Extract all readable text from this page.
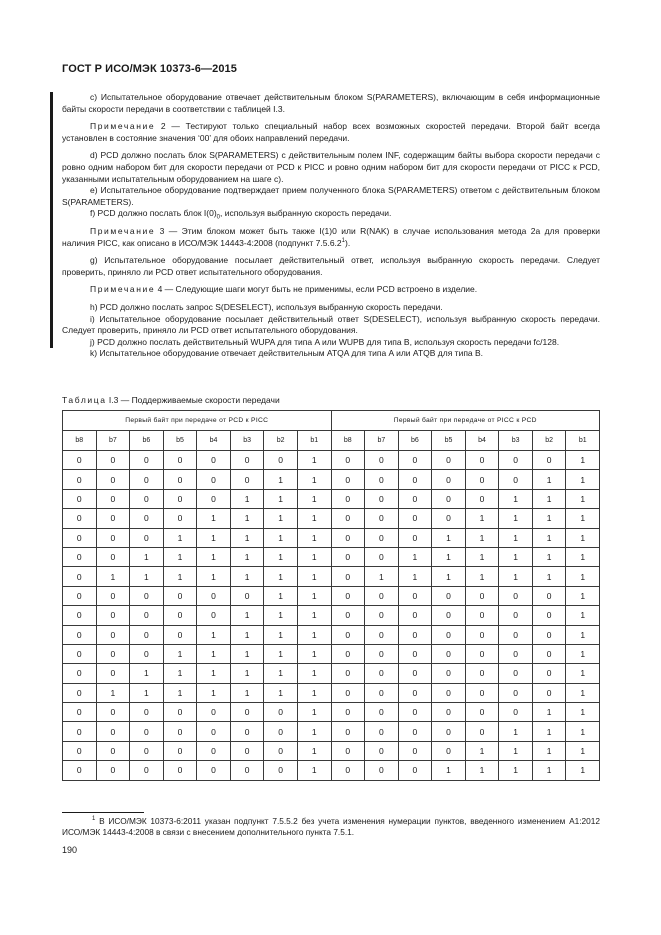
ГОСТ Р ИСО/МЭК 10373-6—2015

c) Испытательное оборудование отвечает действительным блоком S(PARAMETERS), включающим в себя информационные байты скорости передачи в соответствии с таблицей I.3.

Примечание 2 — Тестируют только специальный набор всех возможных скоростей передачи. Второй байт всегда установлен в состояние значения ‘00’ для обоих направлений передачи.

d) PCD должно послать блок S(PARAMETERS) с действительным полем INF, содержащим байты выбора скорости передачи с ровно одним набором бит для скорости передачи от PCD к PICC и ровно одним набором бит для скорости передачи от PICC к PCD, указанными испытательным оборудованием на шаге c).

e) Испытательное оборудование подтверждает прием полученного блока S(PARAMETERS) ответом с действительным блоком S(PARAMETERS).

f) PCD должно послать блок $I(0)_0$, используя выбранную скорость передачи.

Примечание 3 — Этим блоком может быть также I(1)0 или R(NAK) в случае использования метода 2a для проверки наличия PICC, как описано в ИСО/МЭК 14443-4:2008 (подпункт 7.5.6.2$^1$).

g) Испытательное оборудование посылает действительный ответ, используя выбранную скорость передачи. Следует проверить, приняло ли PCD ответ испытательного оборудования.

Примечание 4 — Следующие шаги могут быть не применимы, если PCD встроено в изделие.

h) PCD должно послать запрос S(DESELECT), используя выбранную скорость передачи.

i) Испытательное оборудование посылает действительный ответ S(DESELECT), используя выбранную скорость передачи. Следует проверить, приняло ли PCD ответ испытательного оборудования.

j) PCD должно послать действительный WUPA для типа A или WUPB для типа B, используя скорость передачи fc/128.

k) Испытательное оборудование отвечает действительным ATQA для типа A или ATQB для типа B.

Таблица I.3 — Поддерживаемые скорости передачи
Первый байт при передаче от PCD к PICC								Первый байт при передаче от PICC к PCD							
b8	b7	b6	b5	b4	b3	b2	b1	b8	b7	b6	b5	b4	b3	b2	b1
0	0	0	0	0	0	0	1	0	0	0	0	0	0	0	1
0	0	0	0	0	0	1	1	0	0	0	0	0	0	1	1
0	0	0	0	0	1	1	1	0	0	0	0	0	1	1	1
0	0	0	0	1	1	1	1	0	0	0	0	1	1	1	1
0	0	0	1	1	1	1	1	0	0	0	1	1	1	1	1
0	0	1	1	1	1	1	1	0	0	1	1	1	1	1	1
0	1	1	1	1	1	1	1	0	1	1	1	1	1	1	1
0	0	0	0	0	0	1	1	0	0	0	0	0	0	0	1
0	0	0	0	0	1	1	1	0	0	0	0	0	0	0	1
0	0	0	0	1	1	1	1	0	0	0	0	0	0	0	1
0	0	0	1	1	1	1	1	0	0	0	0	0	0	0	1
0	0	1	1	1	1	1	1	0	0	0	0	0	0	0	1
0	1	1	1	1	1	1	1	0	0	0	0	0	0	0	1
0	0	0	0	0	0	0	1	0	0	0	0	0	0	1	1
0	0	0	0	0	0	0	1	0	0	0	0	0	1	1	1
0	0	0	0	0	0	0	1	0	0	0	0	1	1	1	1
0	0	0	0	0	0	0	1	0	0	0	1	1	1	1	1
$^1$ В ИСО/МЭК 10373-6:2011 указан подпункт 7.5.5.2 без учета изменения нумерации пунктов, введенного изменением A1:2012 ИСО/МЭК 14443-4:2008 в связи с внесением дополнительного пункта 7.5.1.
190
